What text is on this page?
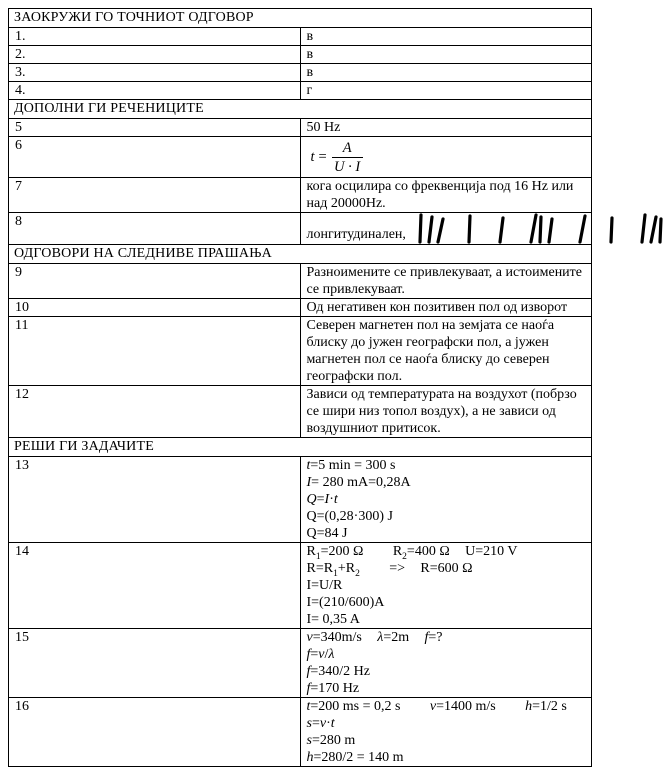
ЗАОКРУЖИ ГО ТОЧНИОТ ОДГОВОР	
1.	в

2.	в

3.	в

4.	г

ДОПОЛНИ ГИ РЕЧЕНИЦИТЕ	
5	50 Hz

6	$t = \frac{A}{U \cdot I}$

7	кога осцилира со фреквенција под 16 Hz или над 20000Hz.

8	лонгитудинален,

ОДГОВОРИ НА СЛЕДНИВЕ ПРАШАЊА	
9	Разноимените се привлекуваат, а истоимените се привлекуваат.

10	Од негативен кон позитивен пол од изворот

11	Северен магнетен пол на земјата се наоѓа блиску до јужен географски пол, а јужен магнетен пол се наоѓа блиску до северен географски пол.

12	Зависи од температурата на воздухот (побрзо се шири низ топол воздух), а не зависи од воздушниот притисок.

РЕШИ ГИ ЗАДАЧИТЕ	
13	t=5 min = 300 s
I= 280 mA=0,28A
Q=I·t
Q=(0,28·300) J
Q=84 J

14	$R_1=200$ Ω $R_2=400$ Ω U=210 V
$R=R_1+R_2 => R=600$ Ω
I=U/R
I=(210/600)A
I= 0,35 A

15	v=340m/s λ=2m f=?
f=v/λ
f=340/2 Hz
f=170 Hz

16	t=200 ms = 0,2 s v=1400 m/s h=1/2 s
s=v·t
s=280 m
h=280/2 = 140 m
